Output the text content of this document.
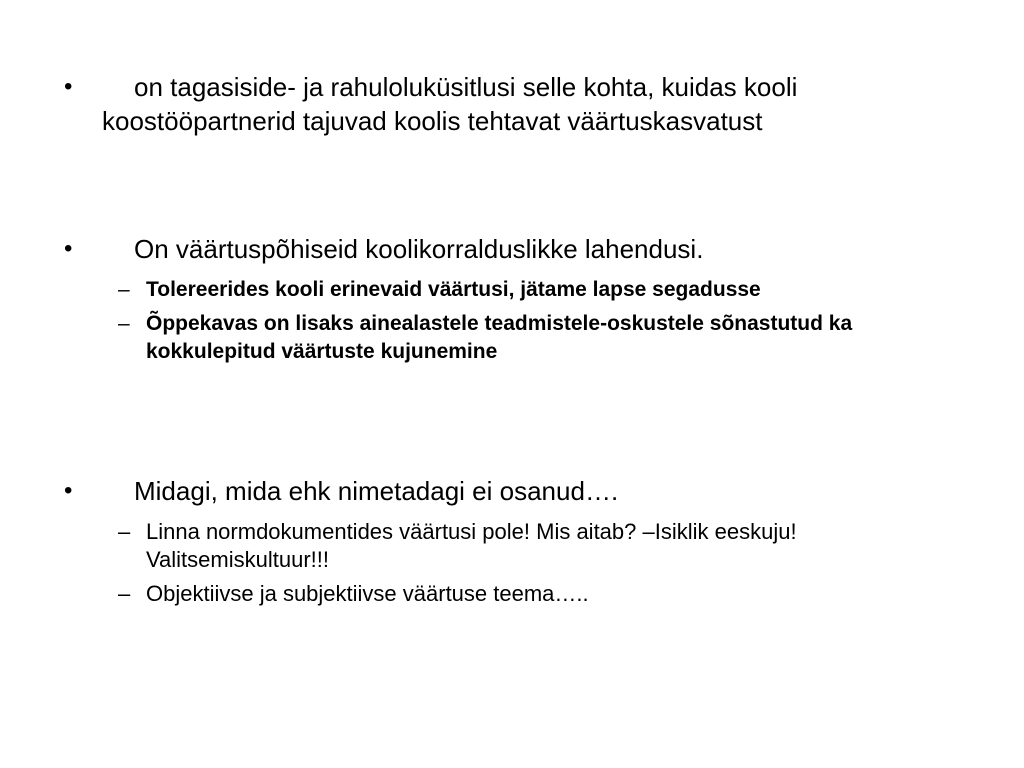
• on tagasiside- ja rahuloluküsitlusi selle kohta, kuidas kooli koostööpartnerid tajuvad koolis tehtavat väärtuskasvatust
• On väärtuspõhiseid koolikorralduslikke lahendusi.
– Tolereerides kooli erinevaid väärtusi, jätame lapse segadusse
– Õppekavas on lisaks ainealastele teadmistele-oskustele sõnastutud ka kokkulepitud väärtuste kujunemine
• Midagi, mida ehk nimetadagi ei osanud….
– Linna normdokumentides väärtusi pole! Mis aitab? –Isiklik eeskuju! Valitsemiskultuur!!!
– Objektiivse ja subjektiivse väärtuse teema…..
